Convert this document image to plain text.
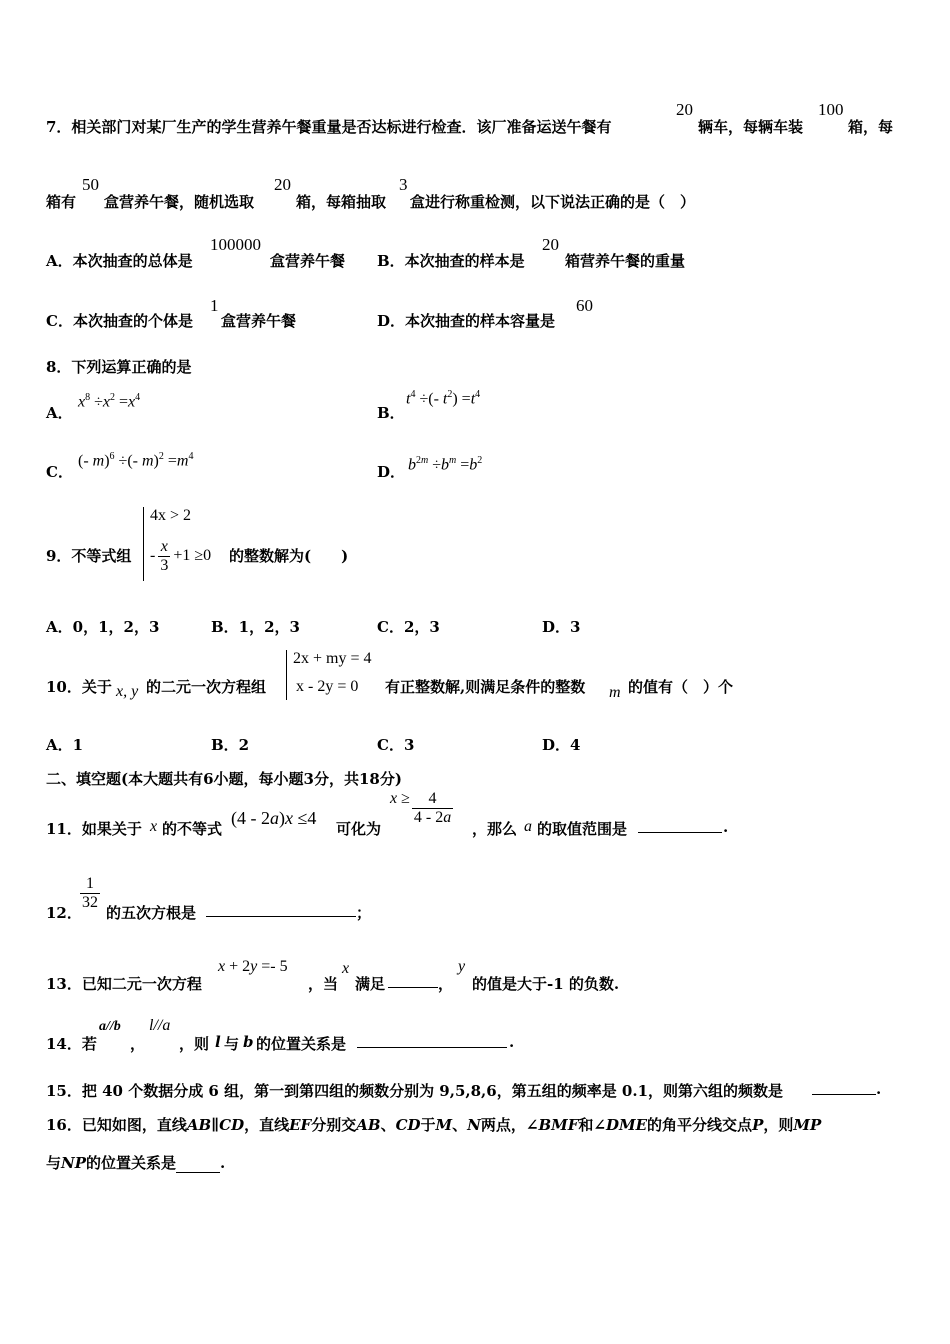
7．相关部门对某厂生产的学生营养午餐重量是否达标进行检查．该厂准备运送午餐有
20
辆车，每辆车装
100
箱，每
箱有
50
盒营养午餐，随机选取
20
箱，每箱抽取
3
盒进行称重检测，以下说法正确的是（　）
A．本次抽查的总体是
100000
盒营养午餐 B．本次抽查的样本是
20
箱营养午餐的重量
C．本次抽查的个体是
1
盒营养午餐	D．本次抽查的样本容量是
60
8．下列运算正确的是
A．
$x^8 \div x^2 =x^4$
B．
$t^4$ ÷(- $t^2) =t^4$
C．
(- m)$^6$ ÷(- $m)^2 =m^4$
D． $b^{2m} \div b^m =b^2$
9．不等式组
4x > 2
- $\frac{x}{3} +1 \ge 0$ 的整数解为(　　)
A．0，1，2，3	B．1，2，3	C．2，3	D．3
10．关于 x, y 的二元一次方程组
2x + my = 4
x - 2y = 0 有正整数解,则满足条件的整数 m 的值有（　）个
A．1	B．2	C．3	D．4
二、填空题(本大题共有6小题，每小题3分，共18分)
11．如果关于 x 的不等式
(4 - 2a)x ≤4
可化为
$x \ge \frac{4}{4 - 2a}$
，那么 a 的取值范围是	.
12．
$\frac{1}{32}$
的五次方根是	；
13．已知二元一次方程
x + 2y =- 5
，当
x
满足	，
y
的值是大于-1 的负数.
14．若
a//b
，
l//a
，则 l 与 b 的位置关系是	.
15．把 40 个数据分成 6 组，第一到第四组的频数分别为 9,5,8,6，第五组的频率是 0.1，则第六组的频数是	.
16．已知如图，直线AB∥CD，直线EF分别交AB、CD于M、N两点，∠BMF和∠DME的角平分线交点P，则MP
与NP的位置关系是	.
